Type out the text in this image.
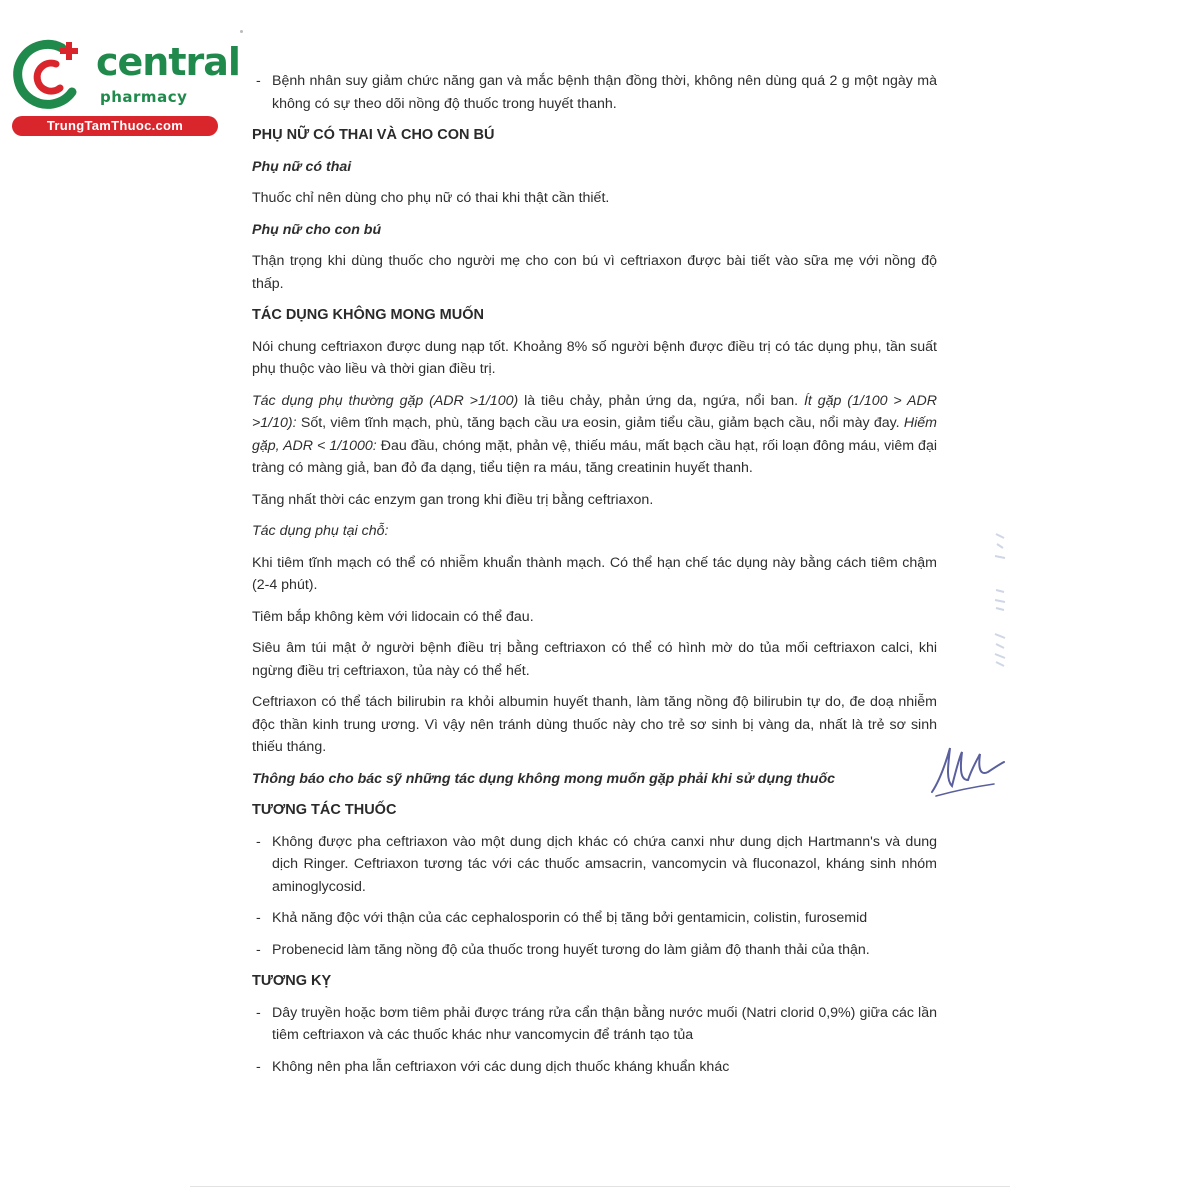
central
pharmacy
TrungTamThuoc.com
- Bệnh nhân suy giảm chức năng gan và mắc bệnh thận đồng thời, không nên dùng quá 2 g một ngày mà không có sự theo dõi nồng độ thuốc trong huyết thanh.
PHỤ NỮ CÓ THAI VÀ CHO CON BÚ
Phụ nữ có thai

Thuốc chỉ nên dùng cho phụ nữ có thai khi thật cần thiết.

Phụ nữ cho con bú

Thận trọng khi dùng thuốc cho người mẹ cho con bú vì ceftriaxon được bài tiết vào sữa mẹ với nồng độ thấp.

TÁC DỤNG KHÔNG MONG MUỐN

Nói chung ceftriaxon được dung nạp tốt. Khoảng 8% số người bệnh được điều trị có tác dụng phụ, tần suất phụ thuộc vào liều và thời gian điều trị.

Tác dụng phụ thường gặp (ADR >1/100) là tiêu chảy, phản ứng da, ngứa, nổi ban. Ít gặp (1/100 > ADR >1/10): Sốt, viêm tĩnh mạch, phù, tăng bạch cầu ưa eosin, giảm tiểu cầu, giảm bạch cầu, nổi mày đay. Hiếm gặp, ADR < 1/1000: Đau đầu, chóng mặt, phản vệ, thiếu máu, mất bạch cầu hạt, rối loạn đông máu, viêm đại tràng có màng giả, ban đỏ đa dạng, tiểu tiện ra máu, tăng creatinin huyết thanh.

Tăng nhất thời các enzym gan trong khi điều trị bằng ceftriaxon.

Tác dụng phụ tại chỗ:

Khi tiêm tĩnh mạch có thể có nhiễm khuẩn thành mạch. Có thể hạn chế tác dụng này bằng cách tiêm chậm (2-4 phút).

Tiêm bắp không kèm với lidocain có thể đau.

Siêu âm túi mật ở người bệnh điều trị bằng ceftriaxon có thể có hình mờ do tủa mối ceftriaxon calci, khi ngừng điều trị ceftriaxon, tủa này có thể hết.

Ceftriaxon có thể tách bilirubin ra khỏi albumin huyết thanh, làm tăng nồng độ bilirubin tự do, đe doạ nhiễm độc thần kinh trung ương. Vì vậy nên tránh dùng thuốc này cho trẻ sơ sinh bị vàng da, nhất là trẻ sơ sinh thiếu tháng.

Thông báo cho bác sỹ những tác dụng không mong muốn gặp phải khi sử dụng thuốc

TƯƠNG TÁC THUỐC
- Không được pha ceftriaxon vào một dung dịch khác có chứa canxi như dung dịch Hartmann's và dung dịch Ringer. Ceftriaxon tương tác với các thuốc amsacrin, vancomycin và fluconazol, kháng sinh nhóm aminoglycosid.
- Khả năng độc với thận của các cephalosporin có thể bị tăng bởi gentamicin, colistin, furosemid
- Probenecid làm tăng nồng độ của thuốc trong huyết tương do làm giảm độ thanh thải của thận.
TƯƠNG KỴ
- Dây truyền hoặc bơm tiêm phải được tráng rửa cẩn thận bằng nước muối (Natri clorid 0,9%) giữa các lần tiêm ceftriaxon và các thuốc khác như vancomycin để tránh tạo tủa
- Không nên pha lẫn ceftriaxon với các dung dịch thuốc kháng khuẩn khác
